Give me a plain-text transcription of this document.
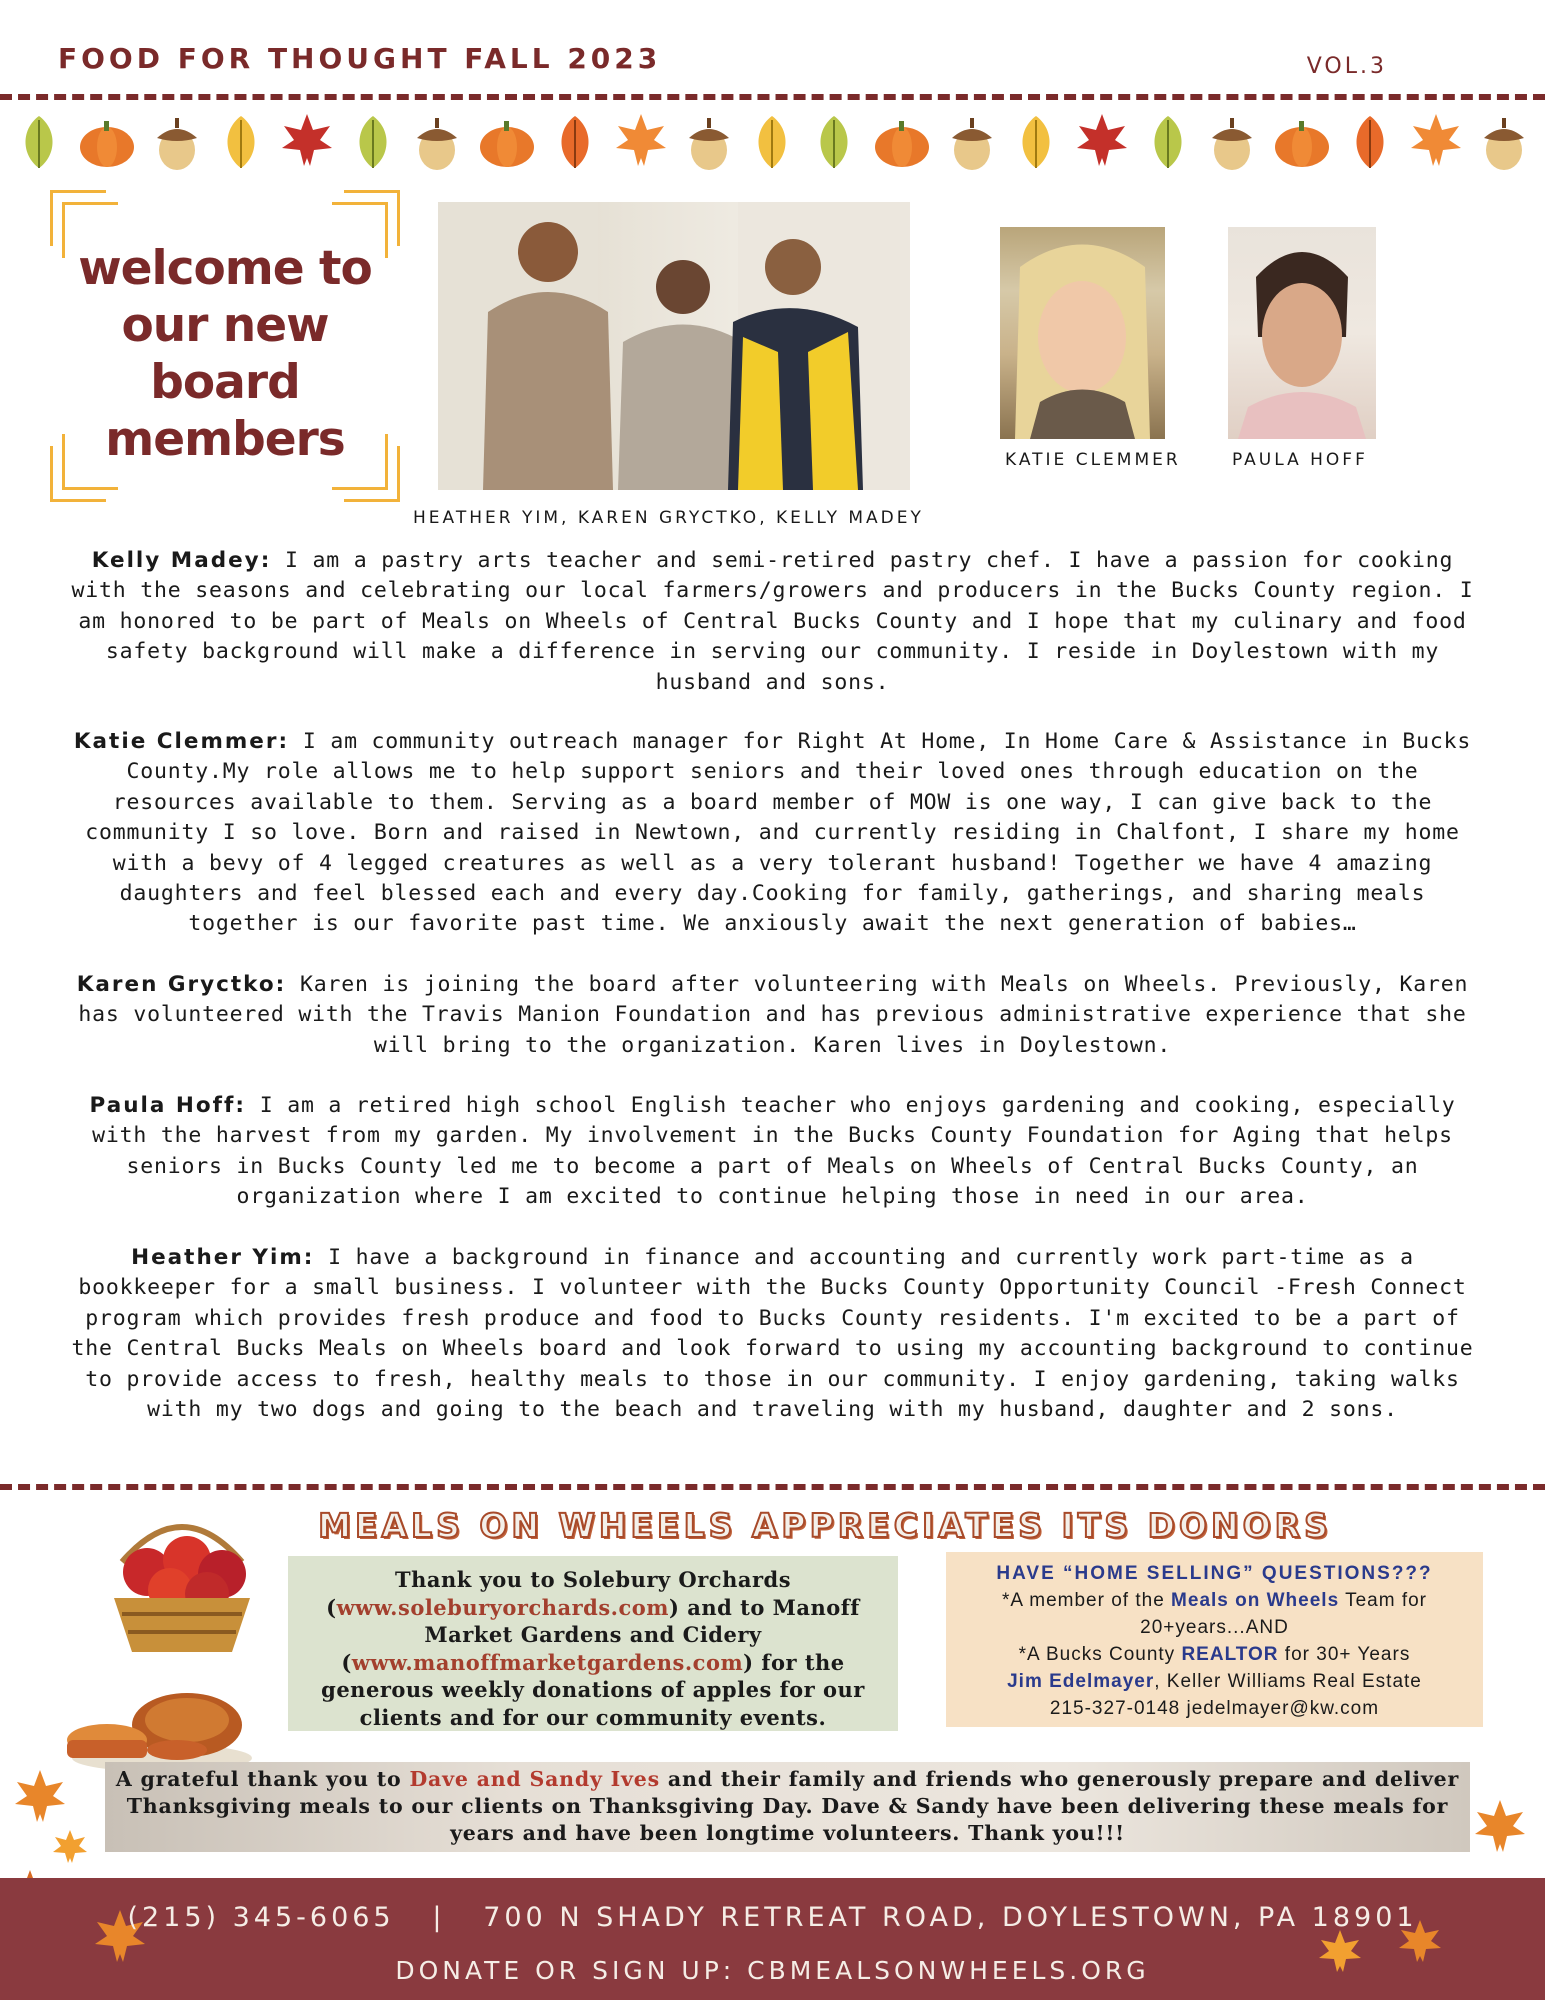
FOOD FOR THOUGHT FALL 2023	VOL.3
welcome to
our new
board
members	KATIE CLEMMER	PAULA HOFF
HEATHER YIM, KAREN GRYCTKO, KELLY MADEY
Kelly Madey: I am a pastry arts teacher and semi-retired pastry chef. I have a passion for cooking with the seasons and celebrating our local farmers/growers and producers in the Bucks County region. I am honored to be part of Meals on Wheels of Central Bucks County and I hope that my culinary and food safety background will make a difference in serving our community. I reside in Doylestown with my husband and sons.
Katie Clemmer: I am community outreach manager for Right At Home, In Home Care & Assistance in Bucks County.My role allows me to help support seniors and their loved ones through education on the resources available to them. Serving as a board member of MOW is one way, I can give back to the community I so love. Born and raised in Newtown, and currently residing in Chalfont, I share my home with a bevy of 4 legged creatures as well as a very tolerant husband! Together we have 4 amazing daughters and feel blessed each and every day.Cooking for family, gatherings, and sharing meals together is our favorite past time. We anxiously await the next generation of babies…
Karen Gryctko: Karen is joining the board after volunteering with Meals on Wheels. Previously, Karen has volunteered with the Travis Manion Foundation and has previous administrative experience that she will bring to the organization. Karen lives in Doylestown.
Paula Hoff: I am a retired high school English teacher who enjoys gardening and cooking, especially with the harvest from my garden. My involvement in the Bucks County Foundation for Aging that helps seniors in Bucks County led me to become a part of Meals on Wheels of Central Bucks County, an organization where I am excited to continue helping those in need in our area.
Heather Yim: I have a background in finance and accounting and currently work part-time as a bookkeeper for a small business. I volunteer with the Bucks County Opportunity Council -Fresh Connect program which provides fresh produce and food to Bucks County residents. I'm excited to be a part of the Central Bucks Meals on Wheels board and look forward to using my accounting background to continue to provide access to fresh, healthy meals to those in our community. I enjoy gardening, taking walks with my two dogs and going to the beach and traveling with my husband, daughter and 2 sons.
MEALS ON WHEELS APPRECIATES ITS DONORS
Thank you to Solebury Orchards (www.soleburyorchards.com) and to Manoff Market Gardens and Cidery (www.manoffmarketgardens.com) for the generous weekly donations of apples for our clients and for our community events.
HAVE “HOME SELLING” QUESTIONS???
*A member of the Meals on Wheels Team for 20+years...AND
*A Bucks County REALTOR for 30+ Years
Jim Edelmayer, Keller Williams Real Estate
215-327-0148 jedelmayer@kw.com
A grateful thank you to Dave and Sandy Ives and their family and friends who generously prepare and deliver Thanksgiving meals to our clients on Thanksgiving Day. Dave & Sandy have been delivering these meals for years and have been longtime volunteers. Thank you!!!
(215) 345-6065   |   700 N SHADY RETREAT ROAD, DOYLESTOWN, PA 18901
DONATE OR SIGN UP: CBMEALSONWHEELS.ORG
